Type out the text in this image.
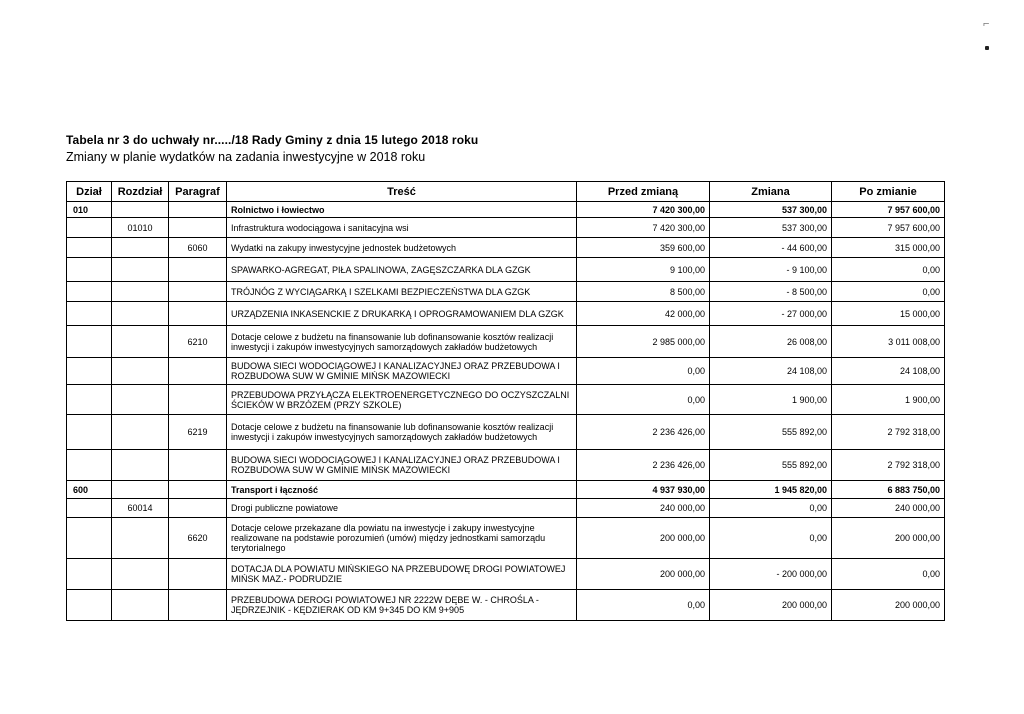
⌐
Tabela nr 3 do uchwały nr...../18 Rady Gminy z dnia 15 lutego 2018 roku
Zmiany w planie wydatków na zadania inwestycyjne w 2018 roku
Dział	Rozdział	Paragraf	Treść	Przed zmianą	Zmiana	Po zmianie
010			Rolnictwo i łowiectwo	7 420 300,00	537 300,00	7 957 600,00
	01010		Infrastruktura wodociągowa i sanitacyjna wsi	7 420 300,00	537 300,00	7 957 600,00
		6060	Wydatki na zakupy inwestycyjne jednostek budżetowych	359 600,00	- 44 600,00	315 000,00
			SPAWARKO-AGREGAT, PIŁA SPALINOWA, ZAGĘSZCZARKA DLA GZGK	9 100,00	- 9 100,00	0,00
			TRÓJNÓG Z WYCIĄGARKĄ I SZELKAMI BEZPIECZEŃSTWA DLA GZGK	8 500,00	- 8 500,00	0,00
			URZĄDZENIA INKASENCKIE Z DRUKARKĄ I OPROGRAMOWANIEM DLA GZGK	42 000,00	- 27 000,00	15 000,00
		6210	Dotacje celowe z budżetu na finansowanie lub dofinansowanie kosztów realizacji inwestycji i zakupów inwestycyjnych samorządowych zakładów budżetowych	2 985 000,00	26 008,00	3 011 008,00
			BUDOWA SIECI WODOCIĄGOWEJ I KANALIZACYJNEJ ORAZ PRZEBUDOWA I ROZBUDOWA SUW W GMINIE MIŃSK MAZOWIECKI	0,00	24 108,00	24 108,00
			PRZEBUDOWA PRZYŁĄCZA ELEKTROENERGETYCZNEGO DO OCZYSZCZALNI ŚCIEKÓW W BRZÓZEM (PRZY SZKOLE)	0,00	1 900,00	1 900,00
		6219	Dotacje celowe z budżetu na finansowanie lub dofinansowanie kosztów realizacji inwestycji i zakupów inwestycyjnych samorządowych zakładów budżetowych	2 236 426,00	555 892,00	2 792 318,00
			BUDOWA SIECI WODOCIĄGOWEJ I KANALIZACYJNEJ ORAZ PRZEBUDOWA I ROZBUDOWA SUW W GMINIE MIŃSK MAZOWIECKI	2 236 426,00	555 892,00	2 792 318,00
600			Transport i łączność	4 937 930,00	1 945 820,00	6 883 750,00
	60014		Drogi publiczne powiatowe	240 000,00	0,00	240 000,00
		6620	Dotacje celowe przekazane dla powiatu na inwestycje i zakupy inwestycyjne realizowane na podstawie porozumień (umów) między jednostkami samorządu terytorialnego	200 000,00	0,00	200 000,00
			DOTACJA DLA POWIATU MIŃSKIEGO NA PRZEBUDOWĘ DROGI POWIATOWEJ MIŃSK MAZ.- PODRUDZIE	200 000,00	- 200 000,00	0,00
			PRZEBUDOWA DEROGI POWIATOWEJ NR 2222W DĘBE W. - CHROŚLA - JĘDRZEJNIK - KĘDZIERAK OD KM 9+345 DO KM 9+905	0,00	200 000,00	200 000,00
